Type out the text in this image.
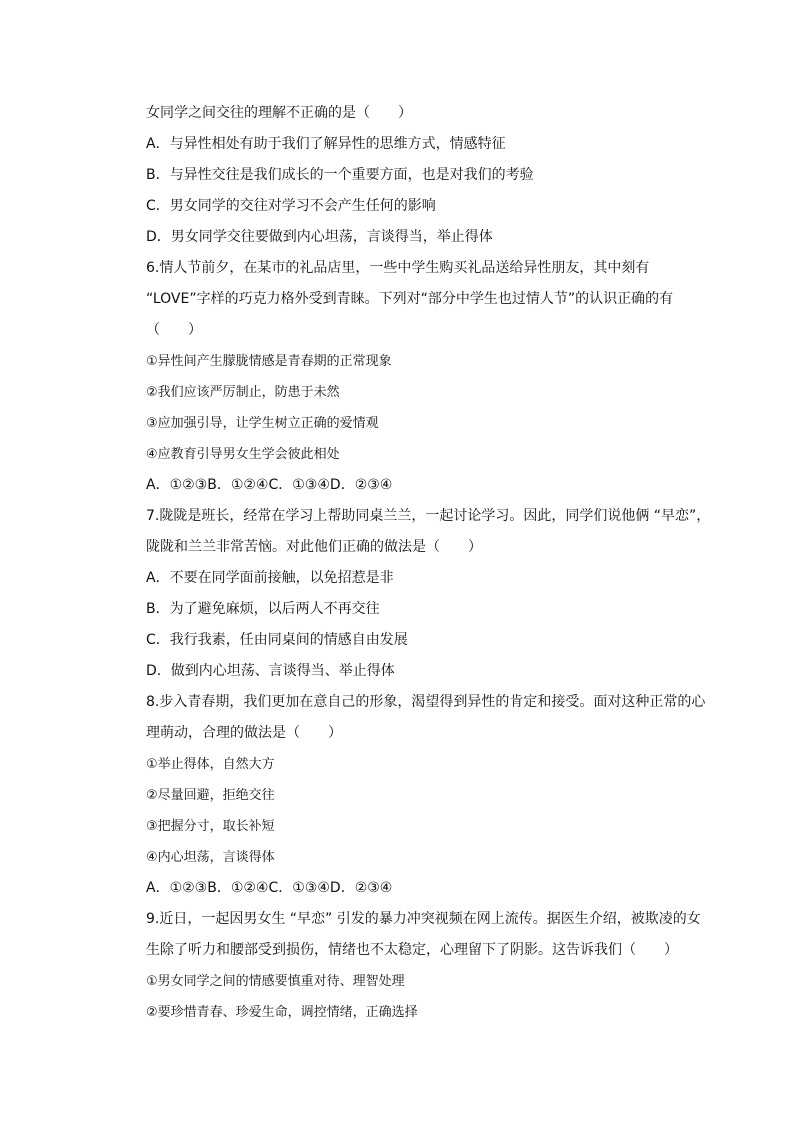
女同学之间交往的理解不正确的是（　　）
A．与异性相处有助于我们了解异性的思维方式，情感特征
B．与异性交往是我们成长的一个重要方面，也是对我们的考验
C．男女同学的交往对学习不会产生任何的影响
D．男女同学交往要做到内心坦荡，言谈得当，举止得体
6.情人节前夕，在某市的礼品店里，一些中学生购买礼品送给异性朋友，其中刻有
“LOVE”字样的巧克力格外受到青睐。下列对“部分中学生也过情人节”的认识正确的有
（　　）
①异性间产生朦胧情感是青春期的正常现象
②我们应该严厉制止，防患于未然
③应加强引导，让学生树立正确的爱情观
④应教育引导男女生学会彼此相处
A．①②③B．①②④C．①③④D．②③④
7.陇陇是班长，经常在学习上帮助同桌兰兰，一起讨论学习。因此，同学们说他俩 “早恋”，
陇陇和兰兰非常苦恼。对此他们正确的做法是（　　）
A．不要在同学面前接触，以免招惹是非
B．为了避免麻烦，以后两人不再交往
C．我行我素，任由同桌间的情感自由发展
D．做到内心坦荡、言谈得当、举止得体
8.步入青春期，我们更加在意自己的形象，渴望得到异性的肯定和接受。面对这种正常的心
理萌动，合理的做法是（　　）
①举止得体，自然大方
②尽量回避，拒绝交往
③把握分寸，取长补短
④内心坦荡，言谈得体
A．①②③B．①②④C．①③④D．②③④
9.近日，一起因男女生 “早恋” 引发的暴力冲突视频在网上流传。据医生介绍，被欺凌的女
生除了听力和腰部受到损伤，情绪也不太稳定，心理留下了阴影。这告诉我们（　　）
①男女同学之间的情感要慎重对待、理智处理
②要珍惜青春、珍爱生命，调控情绪，正确选择
